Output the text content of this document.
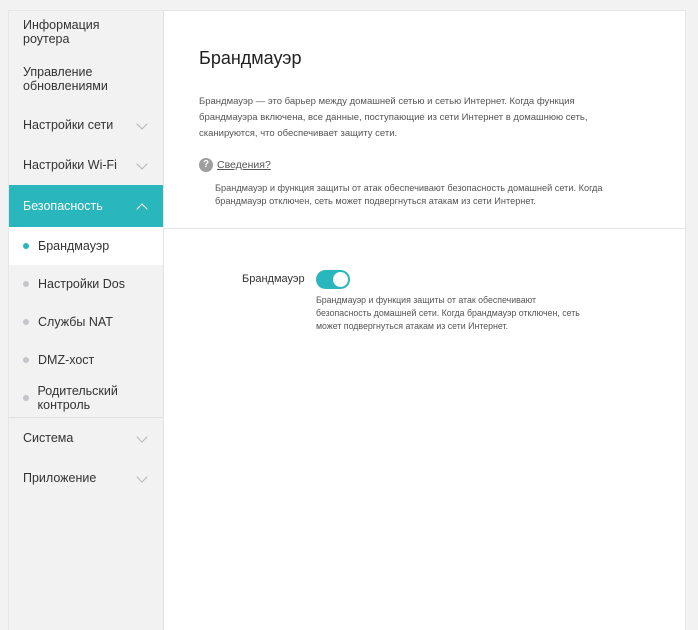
Информация роутера
Управление обновлениями
Настройки сети
Настройки Wi-Fi
Безопасность
Брандмауэр
Настройки Dos
Службы NAT
DMZ-хост
Родительский контроль
Система
Приложение
Брандмауэр
Брандмауэр — это барьер между домашней сетью и сетью Интернет. Когда функция брандмауэра включена, все данные, поступающие из сети Интернет в домашнюю сеть, сканируются, что обеспечивает защиту сети.
? Сведения?
Брандмауэр и функция защиты от атак обеспечивают безопасность домашней сети. Когда брандмауэр отключен, сеть может подвергнуться атакам из сети Интернет.
Брандмауэр
Брандмауэр и функция защиты от атак обеспечивают безопасность домашней сети. Когда брандмауэр отключен, сеть может подвергнуться атакам из сети Интернет.
